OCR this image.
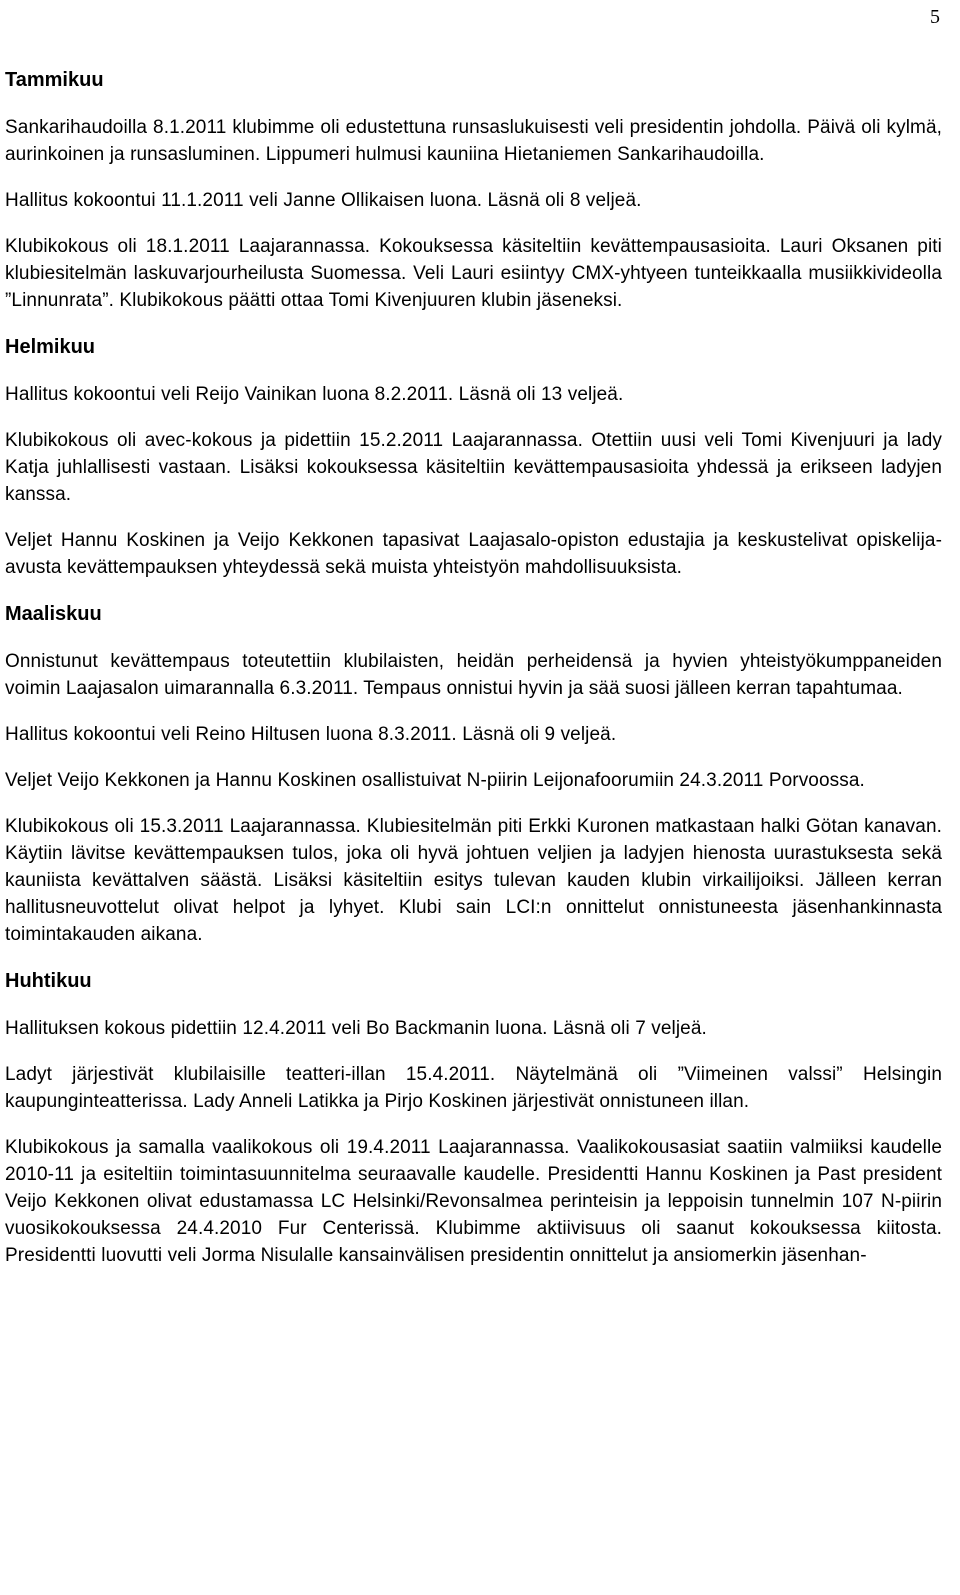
5
Tammikuu

Sankarihaudoilla 8.1.2011 klubimme oli edustettuna runsaslukuisesti veli presidentin johdolla. Päivä oli kylmä, aurinkoinen ja runsasluminen. Lippumeri hulmusi kauniina Hietaniemen Sankarihaudoilla.

Hallitus kokoontui 11.1.2011 veli Janne Ollikaisen luona. Läsnä oli 8 veljeä.

Klubikokous oli 18.1.2011 Laajarannassa. Kokouksessa käsiteltiin kevättempausasioita. Lauri Oksanen piti klubiesitelmän laskuvarjourheilusta Suomessa. Veli Lauri esiintyy CMX-yhtyeen tunteikkaalla musiikkivideolla ”Linnunrata”. Klubikokous päätti ottaa Tomi Kivenjuuren klubin jäseneksi.

Helmikuu

Hallitus kokoontui veli Reijo Vainikan luona 8.2.2011. Läsnä oli 13 veljeä.

Klubikokous oli avec-kokous ja pidettiin 15.2.2011 Laajarannassa. Otettiin uusi veli Tomi Kivenjuuri ja lady Katja juhlallisesti vastaan. Lisäksi kokouksessa käsiteltiin kevättempausasioita yhdessä ja erikseen ladyjen kanssa.

Veljet Hannu Koskinen ja Veijo Kekkonen tapasivat Laajasalo-opiston edustajia ja keskustelivat opiskelija-avusta kevättempauksen yhteydessä sekä muista yhteistyön mahdollisuuksista.

Maaliskuu

Onnistunut kevättempaus toteutettiin klubilaisten, heidän perheidensä ja hyvien yhteistyökumppaneiden voimin Laajasalon uimarannalla 6.3.2011. Tempaus onnistui hyvin ja sää suosi jälleen kerran tapahtumaa.

Hallitus kokoontui veli Reino Hiltusen luona 8.3.2011. Läsnä oli 9 veljeä.

Veljet Veijo Kekkonen ja Hannu Koskinen osallistuivat N-piirin Leijonafoorumiin 24.3.2011 Porvoossa.

Klubikokous oli 15.3.2011 Laajarannassa. Klubiesitelmän piti Erkki Kuronen matkastaan halki Götan kanavan. Käytiin lävitse kevättempauksen tulos, joka oli hyvä johtuen veljien ja ladyjen hienosta uurastuksesta sekä kauniista kevättalven säästä. Lisäksi käsiteltiin esitys tulevan kauden klubin virkailijoiksi. Jälleen kerran hallitusneuvottelut olivat helpot ja lyhyet. Klubi sain LCI:n onnittelut onnistuneesta jäsenhankinnasta toimintakauden aikana.

Huhtikuu

Hallituksen kokous pidettiin 12.4.2011 veli Bo Backmanin luona. Läsnä oli 7 veljeä.

Ladyt järjestivät klubilaisille teatteri-illan 15.4.2011. Näytelmänä oli ”Viimeinen valssi” Helsingin kaupunginteatterissa. Lady Anneli Latikka ja Pirjo Koskinen järjestivät onnistuneen illan.

Klubikokous ja samalla vaalikokous oli 19.4.2011 Laajarannassa. Vaalikokousasiat saatiin valmiiksi kaudelle 2010-11 ja esiteltiin toimintasuunnitelma seuraavalle kaudelle. Presidentti Hannu Koskinen ja Past president Veijo Kekkonen olivat edustamassa LC Helsinki/Revonsalmea perinteisin ja leppoisin tunnelmin 107 N-piirin vuosikokouksessa 24.4.2010 Fur Centerissä. Klubimme aktiivisuus oli saanut kokouksessa kiitosta. Presidentti luovutti veli Jorma Nisulalle kansainvälisen presidentin onnittelut ja ansiomerkin jäsenhan-
